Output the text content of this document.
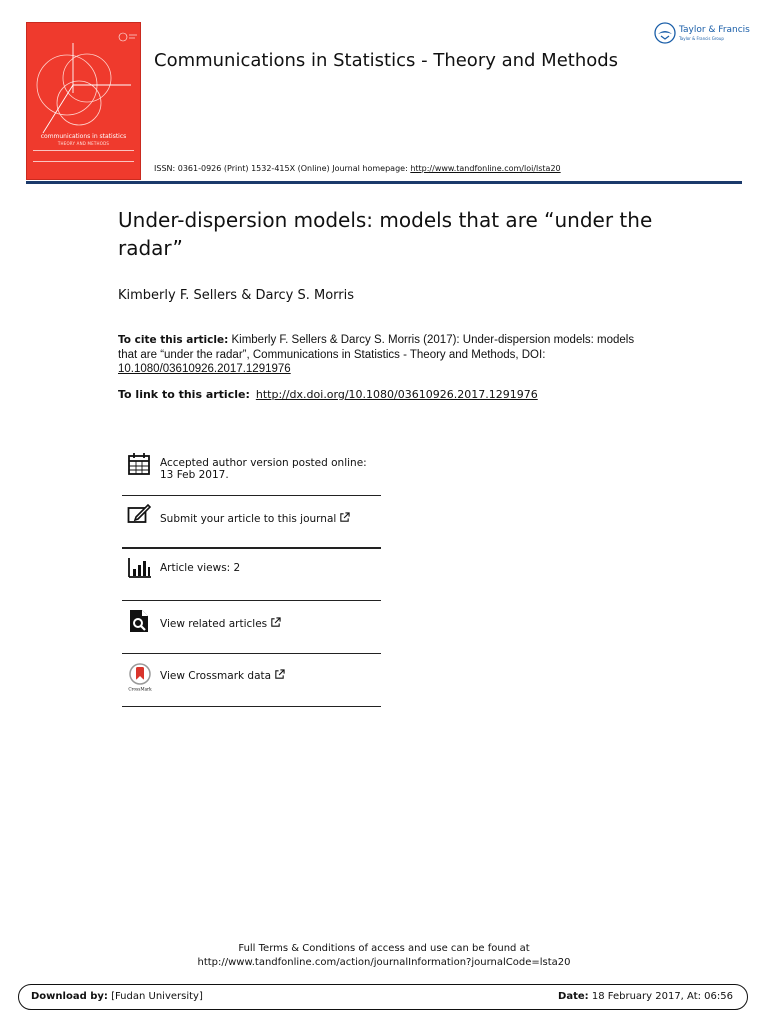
communications in statistics
THEORY AND METHODS
Communications in Statistics - Theory and Methods
ISSN: 0361-0926 (Print) 1532-415X (Online) Journal homepage: http://www.tandfonline.com/loi/lsta20
Taylor & Francis
Taylor & Francis Group
Under-dispersion models: models that are “under the radar”
Kimberly F. Sellers & Darcy S. Morris
To cite this article: Kimberly F. Sellers & Darcy S. Morris (2017): Under-dispersion models: models that are “under the radar”, Communications in Statistics - Theory and Methods, DOI: 10.1080/03610926.2017.1291976
To link to this article: http://dx.doi.org/10.1080/03610926.2017.1291976
Accepted author version posted online: 13 Feb 2017.
Submit your article to this journal
Article views: 2
View related articles
CrossMark
View Crossmark data
Full Terms & Conditions of access and use can be found at
http://www.tandfonline.com/action/journalInformation?journalCode=lsta20
Download by: [Fudan University]	Date: 18 February 2017, At: 06:56
